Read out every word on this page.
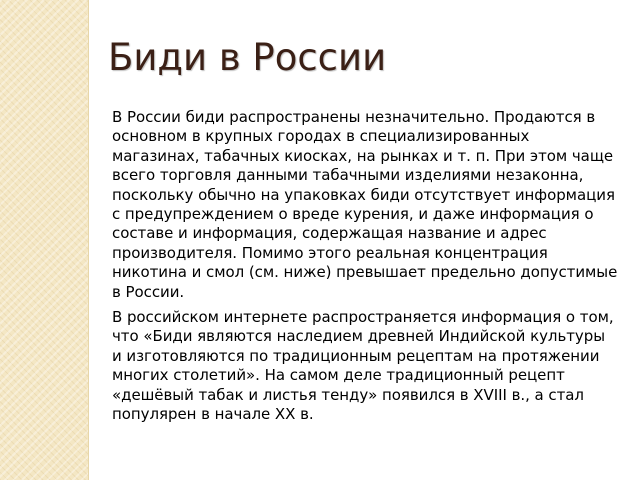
Биди в России

В России биди распространены незначительно. Продаются в основном в крупных городах в специализированных магазинах, табачных киосках, на рынках и т. п. При этом чаще всего торговля данными табачными изделиями незаконна, поскольку обычно на упаковках биди отсутствует информация с предупреждением о вреде курения, и даже информация о составе и информация, содержащая название и адрес производителя. Помимо этого реальная концентрация никотина и смол (см. ниже) превышает предельно допустимые в России.

В российском интернете распространяется информация о том, что «Биди являются наследием древней Индийской культуры и изготовляются по традиционным рецептам на протяжении многих столетий». На самом деле традиционный рецепт «дешёвый табак и листья тенду» появился в XVIII в., а стал популярен в начале XX в.
